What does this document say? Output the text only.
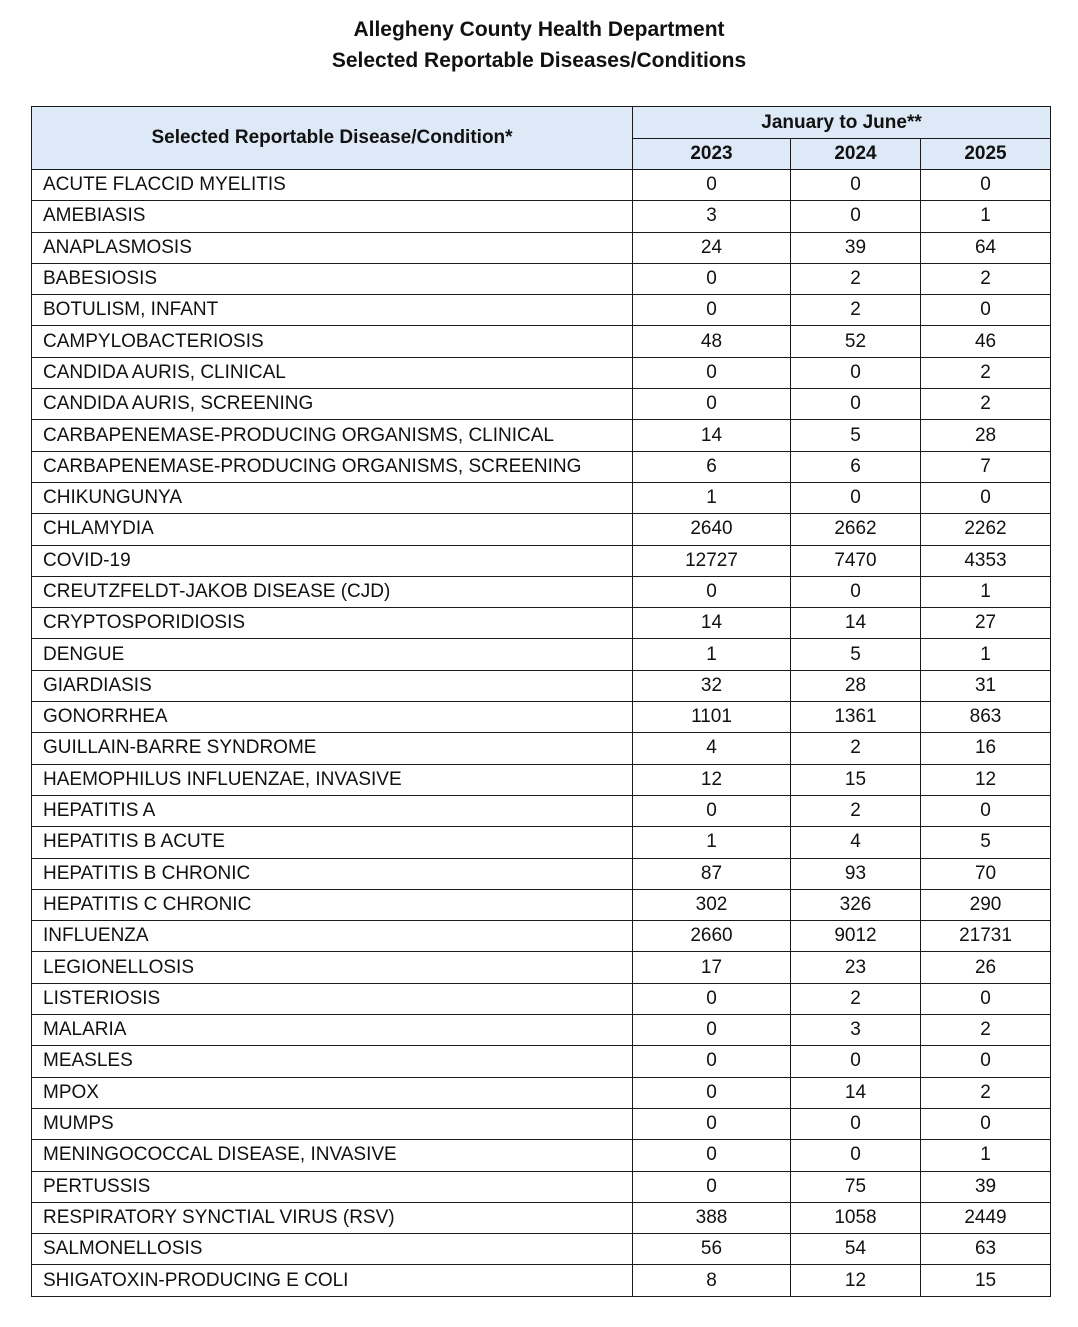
Allegheny County Health Department
Selected Reportable Diseases/Conditions
Selected Reportable Disease/Condition*	January to June**		
	2023	2024	2025
ACUTE FLACCID MYELITIS	0	0	0
AMEBIASIS	3	0	1
ANAPLASMOSIS	24	39	64
BABESIOSIS	0	2	2
BOTULISM, INFANT	0	2	0
CAMPYLOBACTERIOSIS	48	52	46
CANDIDA AURIS, CLINICAL	0	0	2
CANDIDA AURIS, SCREENING	0	0	2
CARBAPENEMASE-PRODUCING ORGANISMS, CLINICAL	14	5	28
CARBAPENEMASE-PRODUCING ORGANISMS, SCREENING	6	6	7
CHIKUNGUNYA	1	0	0
CHLAMYDIA	2640	2662	2262
COVID-19	12727	7470	4353
CREUTZFELDT-JAKOB DISEASE (CJD)	0	0	1
CRYPTOSPORIDIOSIS	14	14	27
DENGUE	1	5	1
GIARDIASIS	32	28	31
GONORRHEA	1101	1361	863
GUILLAIN-BARRE SYNDROME	4	2	16
HAEMOPHILUS INFLUENZAE, INVASIVE	12	15	12
HEPATITIS A	0	2	0
HEPATITIS B ACUTE	1	4	5
HEPATITIS B CHRONIC	87	93	70
HEPATITIS C CHRONIC	302	326	290
INFLUENZA	2660	9012	21731
LEGIONELLOSIS	17	23	26
LISTERIOSIS	0	2	0
MALARIA	0	3	2
MEASLES	0	0	0
MPOX	0	14	2
MUMPS	0	0	0
MENINGOCOCCAL DISEASE, INVASIVE	0	0	1
PERTUSSIS	0	75	39
RESPIRATORY SYNCTIAL VIRUS (RSV)	388	1058	2449
SALMONELLOSIS	56	54	63
SHIGATOXIN-PRODUCING E COLI	8	12	15
